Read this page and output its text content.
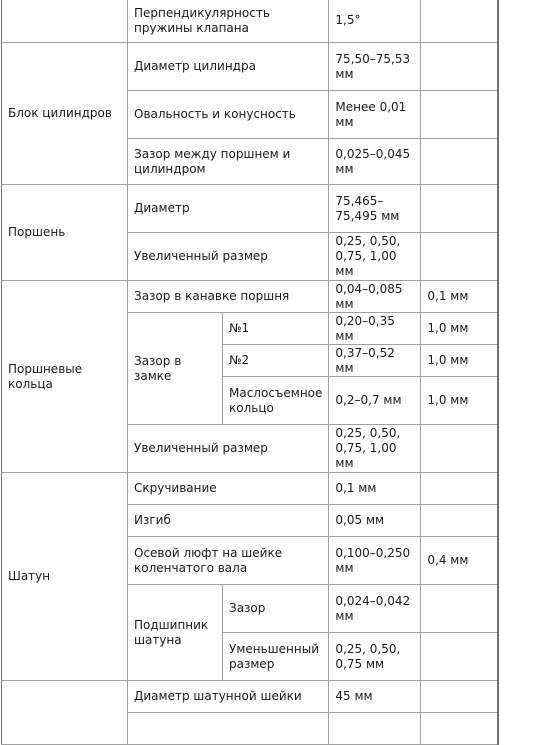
	Перпендикулярность пружины клапана		1,5°	
Блок цилиндров	Диаметр цилиндра		75,50–75,53 мм	
	Овальность и конусность		Менее 0,01 мм	
	Зазор между поршнем и цилиндром		0,025–0,045 мм	
Поршень	Диаметр		75,465–75,495 мм	
	Увеличенный размер		0,25, 0,50, 0,75, 1,00 мм	
Поршневые кольца	Зазор в канавке поршня		0,04–0,085 мм	0,1 мм
	Зазор в замке	№1	0,20–0,35 мм	1,0 мм
		№2	0,37–0,52 мм	1,0 мм
		Маслосъемное кольцо	0,2–0,7 мм	1,0 мм
	Увеличенный размер		0,25, 0,50, 0,75, 1,00 мм	
Шатун	Скручивание		0,1 мм	
	Изгиб		0,05 мм	
	Осевой люфт на шейке коленчатого вала		0,100–0,250 мм	0,4 мм
	Подшипник шатуна	Зазор	0,024–0,042 мм	
		Уменьшенный размер	0,25, 0,50, 0,75 мм	
	Диаметр шатунной шейки		45 мм	
